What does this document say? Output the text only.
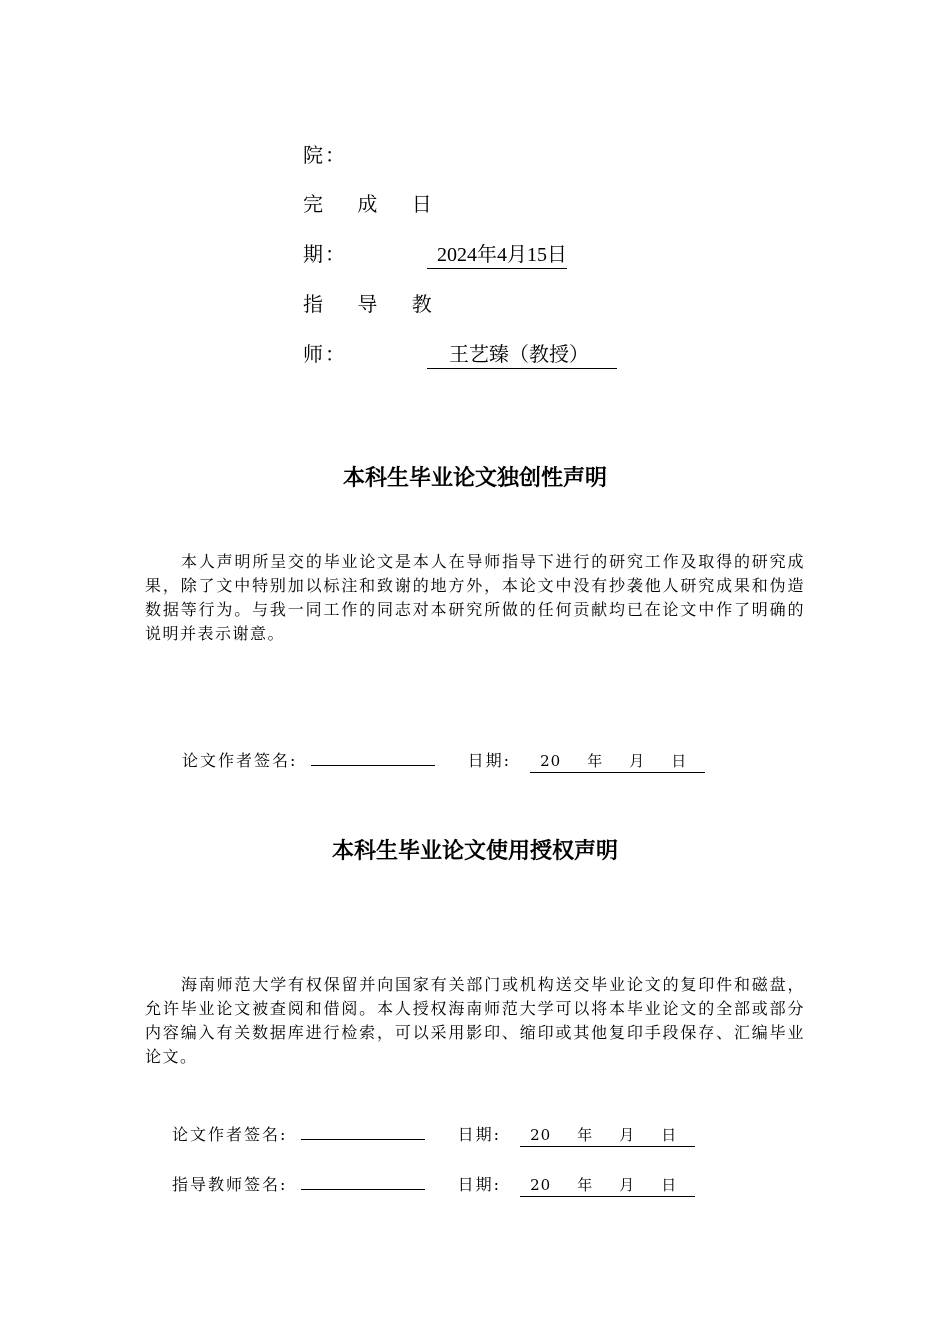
院：
完 成 日
期：	2024年4月15日
指 导 教
师：	王艺臻（教授）
本科生毕业论文独创性声明
本人声明所呈交的毕业论文是本人在导师指导下进行的研究工作及取得的研究成果，除了文中特别加以标注和致谢的地方外，本论文中没有抄袭他人研究成果和伪造数据等行为。与我一同工作的同志对本研究所做的任何贡献均已在论文中作了明确的说明并表示谢意。
论文作者签名:	日期: 20 年 月 日
本科生毕业论文使用授权声明
海南师范大学有权保留并向国家有关部门或机构送交毕业论文的复印件和磁盘，允许毕业论文被查阅和借阅。本人授权海南师范大学可以将本毕业论文的全部或部分内容编入有关数据库进行检索，可以采用影印、缩印或其他复印手段保存、汇编毕业论文。
论文作者签名:	日期: 20 年 月 日
指导教师签名:	日期: 20 年 月 日
